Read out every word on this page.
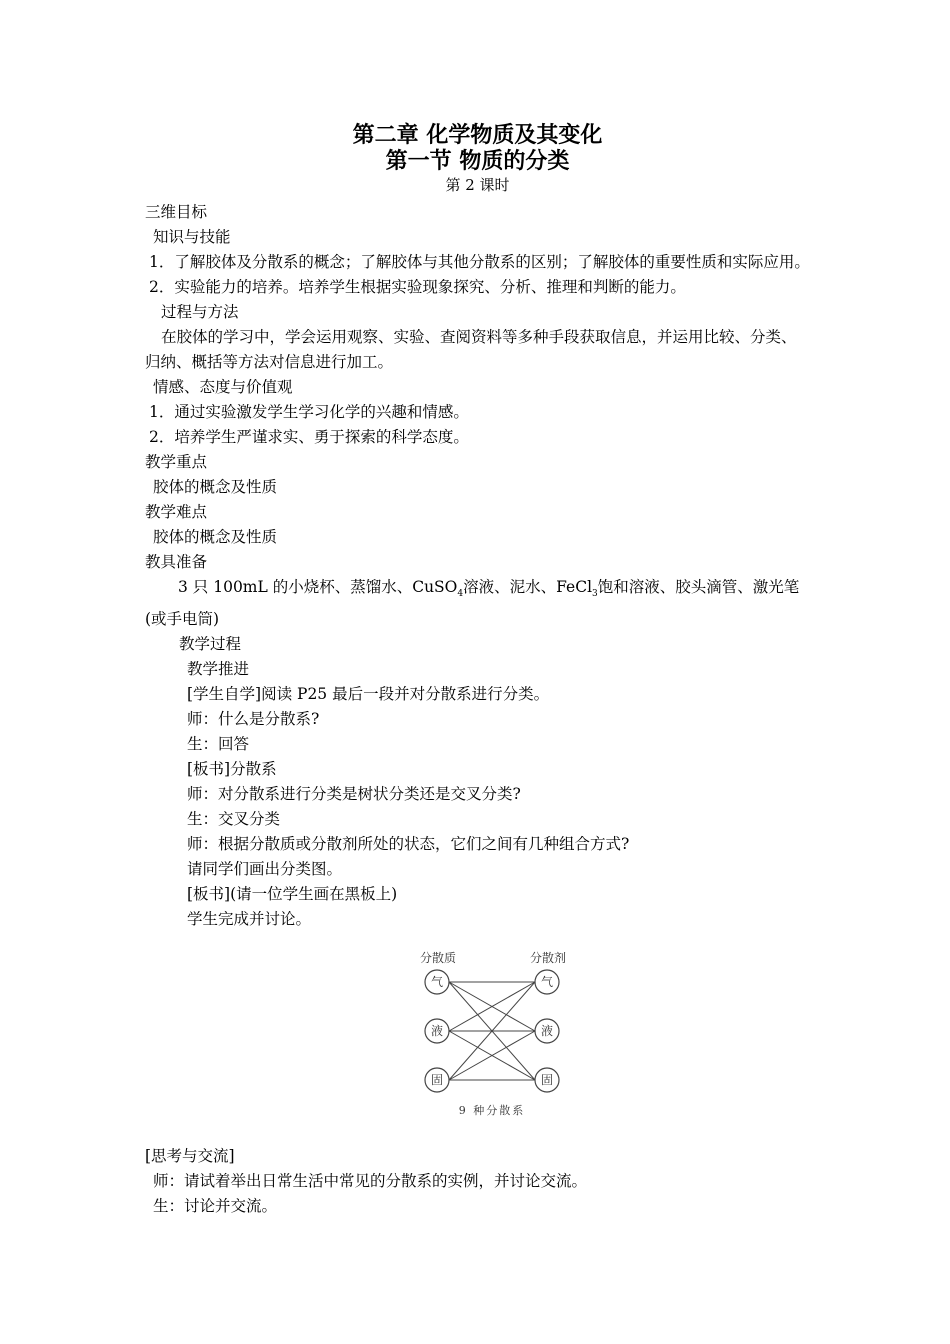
第二章 化学物质及其变化
第一节 物质的分类
第 2 课时
三维目标
知识与技能
1．了解胶体及分散系的概念；了解胶体与其他分散系的区别；了解胶体的重要性质和实际应用。
2．实验能力的培养。培养学生根据实验现象探究、分析、推理和判断的能力。
过程与方法
在胶体的学习中，学会运用观察、实验、查阅资料等多种手段获取信息，并运用比较、分类、归纳、概括等方法对信息进行加工。
情感、态度与价值观
1．通过实验激发学生学习化学的兴趣和情感。
2．培养学生严谨求实、勇于探索的科学态度。
教学重点
胶体的概念及性质
教学难点
胶体的概念及性质
教具准备
3 只 100mL 的小烧杯、蒸馏水、CuSO$_4$溶液、泥水、FeCl$_3$饱和溶液、胶头滴管、激光笔(或手电筒)
教学过程
教学推进
[学生自学]阅读 P25 最后一段并对分散系进行分类。
师：什么是分散系?
生：回答
[板书]分散系
师：对分散系进行分类是树状分类还是交叉分类?
生：交叉分类
师：根据分散质或分散剂所处的状态，它们之间有几种组合方式?
请同学们画出分类图。
[板书](请一位学生画在黑板上)
学生完成并讨论。
分散质	分散剂
气
液
固
气
液
固
9 种分散系
[思考与交流]
师：请试着举出日常生活中常见的分散系的实例，并讨论交流。
生：讨论并交流。
